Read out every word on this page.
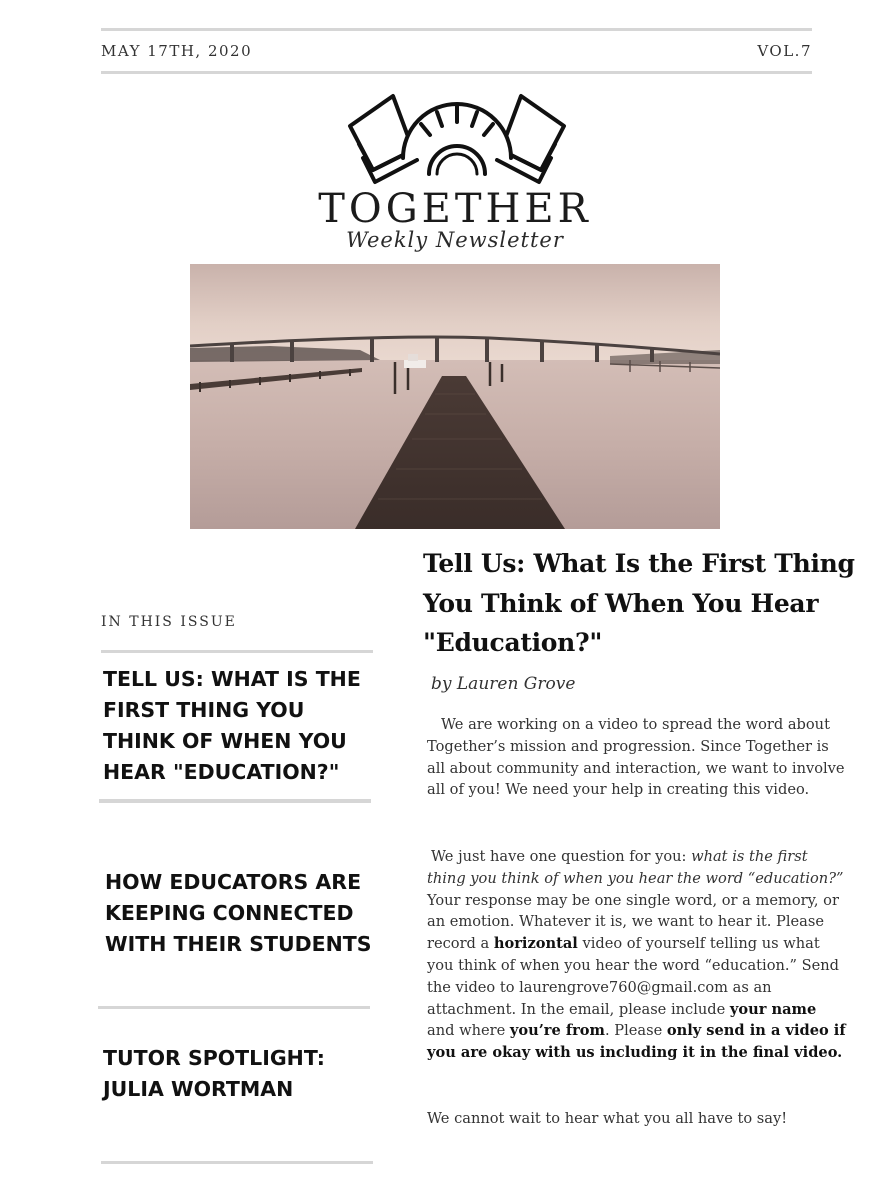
MAY 17TH, 2020	VOL.7
TOGETHER
Weekly Newsletter
IN THIS ISSUE
TELL US: WHAT IS THE FIRST THING YOU THINK OF WHEN YOU HEAR "EDUCATION?"
HOW EDUCATORS ARE KEEPING CONNECTED WITH THEIR STUDENTS
TUTOR SPOTLIGHT: JULIA WORTMAN
Tell Us: What Is the First Thing You Think of When You Hear "Education?"
by Lauren Grove

We are working on a video to spread the word about Together’s mission and progression. Since Together is all about community and interaction, we want to involve all of you! We need your help in creating this video.

We just have one question for you: what is the first thing you think of when you hear the word “education?” Your response may be one single word, or a memory, or an emotion. Whatever it is, we want to hear it. Please record a horizontal video of yourself telling us what you think of when you hear the word “education.” Send the video to laurengrove760@gmail.com as an attachment. In the email, please include your name and where you’re from. Please only send in a video if you are okay with us including it in the final video.

We cannot wait to hear what you all have to say!
